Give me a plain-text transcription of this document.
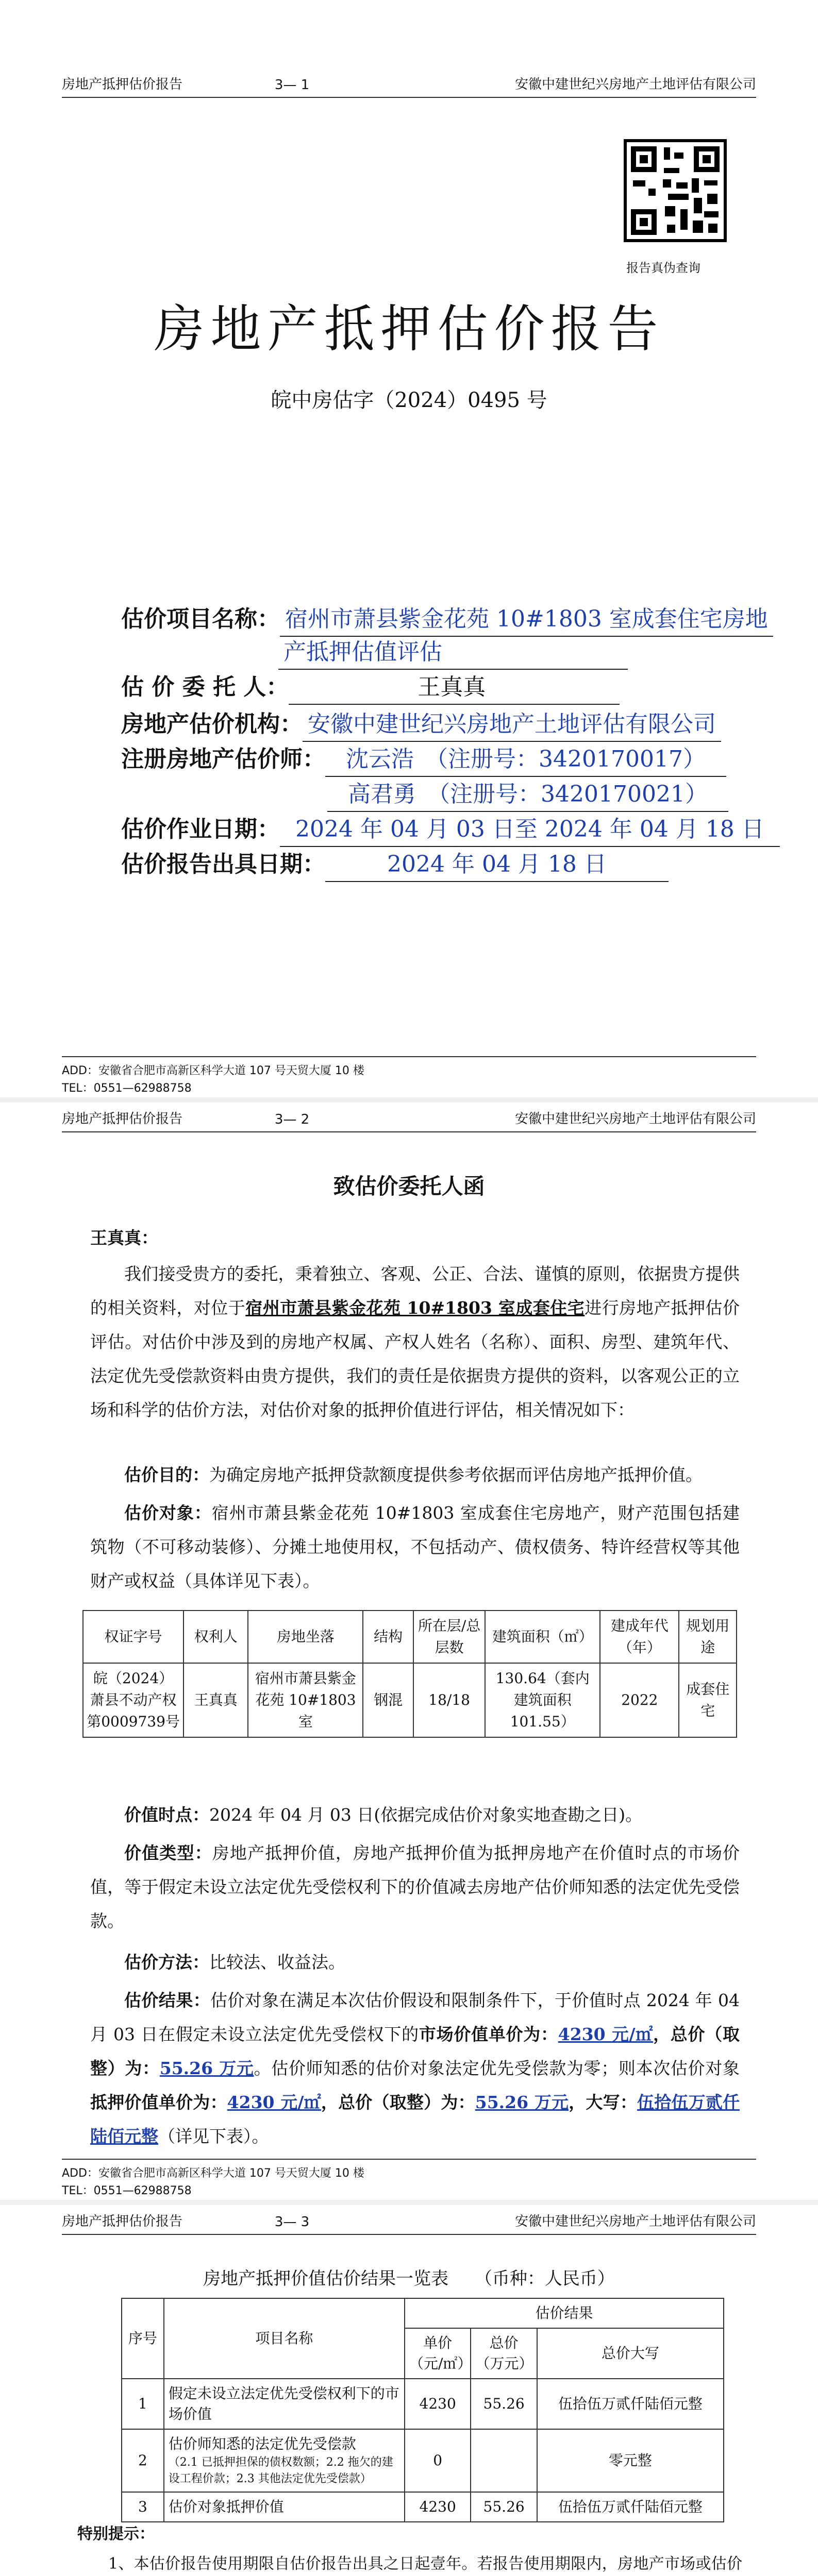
房地产抵押估价报告	3— 1	安徽中建世纪兴房地产土地评估有限公司
报告真伪查询
房地产抵押估价报告
皖中房估字（2024）0495 号
估价项目名称： 宿州市萧县紫金花苑 10#1803 室成套住宅房地
产抵押估值评估
估 价 委 托 人：	王真真
房地产估价机构： 安徽中建世纪兴房地产土地评估有限公司
注册房地产估价师： 沈云浩　（注册号：3420170017）
高君勇　（注册号：3420170021）
估价作业日期： 2024 年 04 月 03 日至 2024 年 04 月 18 日
估价报告出具日期：	2024 年 04 月 18 日
ADD：安徽省合肥市高新区科学大道 107 号天贸大厦 10 楼
TEL：0551—62988758
房地产抵押估价报告	3— 2	安徽中建世纪兴房地产土地评估有限公司
致估价委托人函
王真真：
我们接受贵方的委托，秉着独立、客观、公正、合法、谨慎的原则，依据贵方提供的相关资料，对位于宿州市萧县紫金花苑 10#1803 室成套住宅进行房地产抵押估价评估。对估价中涉及到的房地产权属、产权人姓名（名称）、面积、房型、建筑年代、法定优先受偿款资料由贵方提供，我们的责任是依据贵方提供的资料，以客观公正的立场和科学的估价方法，对估价对象的抵押价值进行评估，相关情况如下：
估价目的：为确定房地产抵押贷款额度提供参考依据而评估房地产抵押价值。
估价对象：宿州市萧县紫金花苑 10#1803 室成套住宅房地产，财产范围包括建筑物（不可移动装修）、分摊土地使用权，不包括动产、债权债务、特许经营权等其他财产或权益（具体详见下表）。
权证字号	权利人	房地坐落	结构	所在层/总层数	建筑面积（㎡）	建成年代（年）	规划用途
皖（2024）萧县不动产权第0009739号	王真真	宿州市萧县紫金花苑 10#1803 室	钢混	18/18	130.64（套内建筑面积 101.55）	2022	成套住宅
价值时点：2024 年 04 月 03 日(依据完成估价对象实地查勘之日)。
价值类型：房地产抵押价值，房地产抵押价值为抵押房地产在价值时点的市场价值，等于假定未设立法定优先受偿权利下的价值减去房地产估价师知悉的法定优先受偿款。
估价方法：比较法、收益法。
估价结果：估价对象在满足本次估价假设和限制条件下，于价值时点 2024 年 04 月 03 日在假定未设立法定优先受偿权下的市场价值单价为：4230 元/㎡，总价（取整）为：55.26 万元。估价师知悉的估价对象法定优先受偿款为零；则本次估价对象抵押价值单价为：4230 元/㎡，总价（取整）为：55.26 万元，大写：伍拾伍万贰仟陆佰元整（详见下表）。
ADD：安徽省合肥市高新区科学大道 107 号天贸大厦 10 楼
TEL：0551—62988758
房地产抵押估价报告	3— 3	安徽中建世纪兴房地产土地评估有限公司
房地产抵押价值估价结果一览表 （币种：人民币）
序号	项目名称	估价结果		
		单价（元/㎡）	总价（万元）	总价大写
1	假定未设立法定优先受偿权利下的市场价值	4230	55.26	伍拾伍万贰仟陆佰元整
2	估价师知悉的法定优先受偿款
（2.1 已抵押担保的债权数额；2.2 拖欠的建设工程价款；2.3 其他法定优先受偿款）	0		零元整
3	估价对象抵押价值	4230	55.26	伍拾伍万贰仟陆佰元整
特别提示：
1、本估价报告使用期限自估价报告出具之日起壹年。若报告使用期限内，房地产市场或估价
